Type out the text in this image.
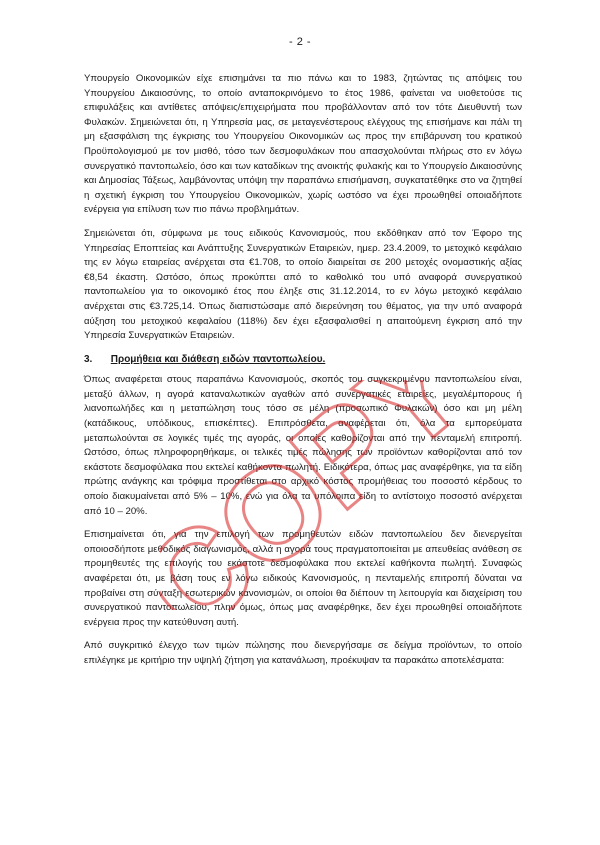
- 2 -

Υπουργείο Οικονομικών είχε επισημάνει τα πιο πάνω και το 1983, ζητώντας τις απόψεις του Υπουργείου Δικαιοσύνης, το οποίο ανταποκρινόμενο το έτος 1986, φαίνεται να υιοθετούσε τις επιφυλάξεις και αντίθετες απόψεις/επιχειρήματα που προβάλλονταν από τον τότε Διευθυντή των Φυλακών. Σημειώνεται ότι, η Υπηρεσία μας, σε μεταγενέστερους ελέγχους της επισήμανε και πάλι τη μη εξασφάλιση της έγκρισης του Υπουργείου Οικονομικών ως προς την επιβάρυνση του κρατικού Προϋπολογισμού με τον μισθό, τόσο των δεσμοφυλάκων που απασχολούνται πλήρως στο εν λόγω συνεργατικό παντοπωλείο, όσο και των καταδίκων της ανοικτής φυλακής και το Υπουργείο Δικαιοσύνης και Δημοσίας Τάξεως, λαμβάνοντας υπόψη την παραπάνω επισήμανση, συγκατατέθηκε στο να ζητηθεί η σχετική έγκριση του Υπουργείου Οικονομικών, χωρίς ωστόσο να έχει προωθηθεί οποιαδήποτε ενέργεια για επίλυση των πιο πάνω προβλημάτων.

Σημειώνεται ότι, σύμφωνα με τους ειδικούς Κανονισμούς, που εκδόθηκαν από τον Έφορο της Υπηρεσίας Εποπτείας και Ανάπτυξης Συνεργατικών Εταιρειών, ημερ. 23.4.2009, το μετοχικό κεφάλαιο της εν λόγω εταιρείας ανέρχεται στα €1.708, το οποίο διαιρείται σε 200 μετοχές ονομαστικής αξίας €8,54 έκαστη. Ωστόσο, όπως προκύπτει από το καθολικό του υπό αναφορά συνεργατικού παντοπωλείου για το οικονομικό έτος που έληξε στις 31.12.2014, το εν λόγω μετοχικό κεφάλαιο ανέρχεται στις €3.725,14. Όπως διαπιστώσαμε από διερεύνηση του θέματος, για την υπό αναφορά αύξηση του μετοχικού κεφαλαίου (118%) δεν έχει εξασφαλισθεί η απαιτούμενη έγκριση από την Υπηρεσία Συνεργατικών Εταιρειών.

3. Προμήθεια και διάθεση ειδών παντοπωλείου.

Όπως αναφέρεται στους παραπάνω Κανονισμούς, σκοπός του συγκεκριμένου παντοπωλείου είναι, μεταξύ άλλων, η αγορά καταναλωτικών αγαθών από συνεργατικές εταιρείες, μεγαλέμπορους ή λιανοπωλήδες και η μεταπώληση τους τόσο σε μέλη (προσωπικό Φυλακών) όσο και μη μέλη (κατάδικους, υπόδικους, επισκέπτες). Επιπρόσθετα, αναφέρεται ότι, όλα τα εμπορεύματα μεταπωλούνται σε λογικές τιμές της αγοράς, οι οποίες καθορίζονται από την πενταμελή επιτροπή. Ωστόσο, όπως πληροφορηθήκαμε, οι τελικές τιμές πώλησης των προϊόντων καθορίζονται από τον εκάστοτε δεσμοφύλακα που εκτελεί καθήκοντα πωλητή. Ειδικότερα, όπως μας αναφέρθηκε, για τα είδη πρώτης ανάγκης και τρόφιμα προστίθεται στο αρχικό κόστος προμήθειας του ποσοστό κέρδους το οποίο διακυμαίνεται από 5% – 10%, ενώ για όλα τα υπόλοιπα είδη το αντίστοιχο ποσοστό ανέρχεται από 10 – 20%.

Επισημαίνεται ότι, για την επιλογή των προμηθευτών ειδών παντοπωλείου δεν διενεργείται οποιοσδήποτε μεθοδικός διαγωνισμός, αλλά η αγορά τους πραγματοποιείται με απευθείας ανάθεση σε προμηθευτές της επιλογής του εκάστοτε δεσμοφύλακα που εκτελεί καθήκοντα πωλητή. Συναφώς αναφέρεται ότι, με βάση τους εν λόγω ειδικούς Κανονισμούς, η πενταμελής επιτροπή δύναται να προβαίνει στη σύνταξη εσωτερικών κανονισμών, οι οποίοι θα διέπουν τη λειτουργία και διαχείριση του συνεργατικού παντοπωλείου, πλην όμως, όπως μας αναφέρθηκε, δεν έχει προωθηθεί οποιαδήποτε ενέργεια προς την κατεύθυνση αυτή.

Από συγκριτικό έλεγχο των τιμών πώλησης που διενεργήσαμε σε δείγμα προϊόντων, το οποίο επιλέγηκε με κριτήριο την υψηλή ζήτηση για κατανάλωση, προέκυψαν τα παρακάτω αποτελέσματα:

COPY
